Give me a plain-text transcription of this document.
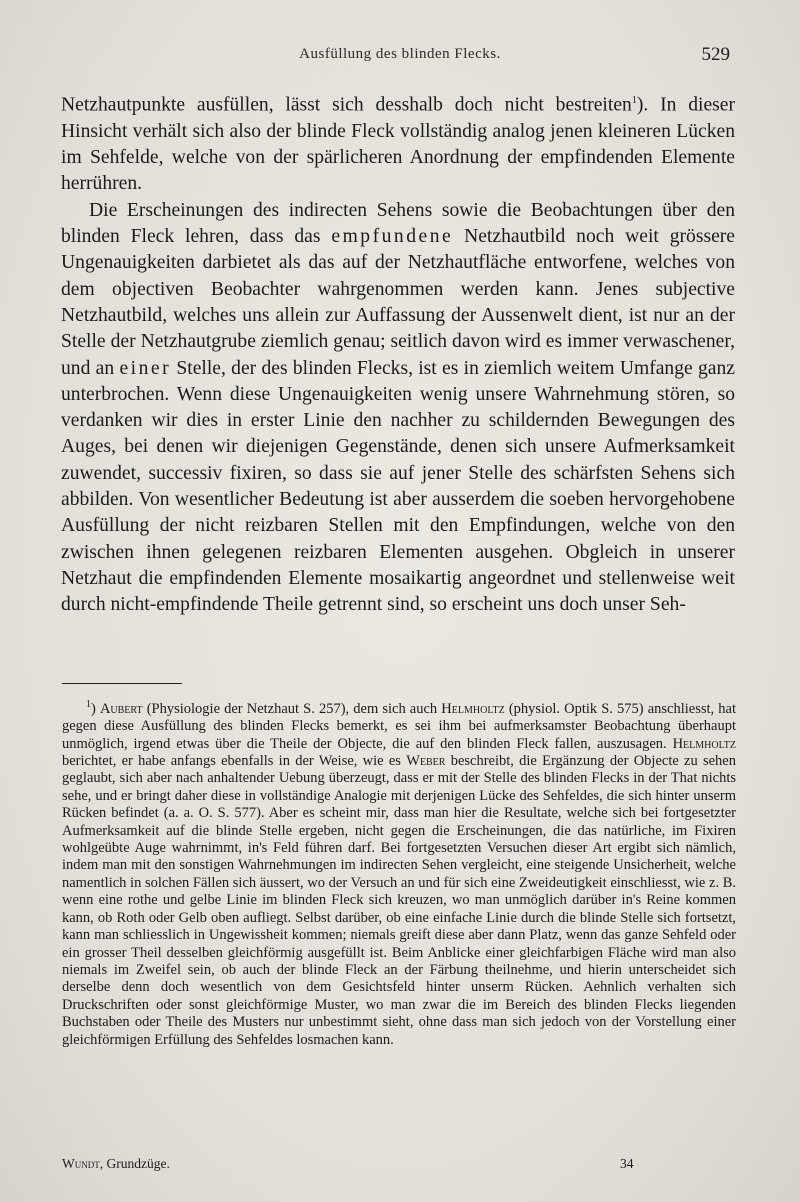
Ausfüllung des blinden Flecks.	529

Netzhautpunkte ausfüllen, lässt sich desshalb doch nicht bestreiten$^1$). In dieser Hinsicht verhält sich also der blinde Fleck vollständig analog jenen kleineren Lücken im Sehfelde, welche von der spärlicheren Anordnung der empfindenden Elemente herrühren.

Die Erscheinungen des indirecten Sehens sowie die Beobachtungen über den blinden Fleck lehren, dass das empfundene Netzhautbild noch weit grössere Ungenauigkeiten darbietet als das auf der Netzhautfläche entworfene, welches von dem objectiven Beobachter wahrgenommen werden kann. Jenes subjective Netzhautbild, welches uns allein zur Auffassung der Aussenwelt dient, ist nur an der Stelle der Netzhautgrube ziemlich genau; seitlich davon wird es immer verwaschener, und an einer Stelle, der des blinden Flecks, ist es in ziemlich weitem Umfange ganz unterbrochen. Wenn diese Ungenauigkeiten wenig unsere Wahrnehmung stören, so verdanken wir dies in erster Linie den nachher zu schildernden Bewegungen des Auges, bei denen wir diejenigen Gegenstände, denen sich unsere Aufmerksamkeit zuwendet, successiv fixiren, so dass sie auf jener Stelle des schärfsten Sehens sich abbilden. Von wesentlicher Bedeutung ist aber ausserdem die soeben hervorgehobene Ausfüllung der nicht reizbaren Stellen mit den Empfindungen, welche von den zwischen ihnen gelegenen reizbaren Elementen ausgehen. Obgleich in unserer Netzhaut die empfindenden Elemente mosaikartig angeordnet und stellenweise weit durch nicht-empfindende Theile getrennt sind, so erscheint uns doch unser Seh-

$^1$) Aubert (Physiologie der Netzhaut S. 257), dem sich auch Helmholtz (physiol. Optik S. 575) anschliesst, hat gegen diese Ausfüllung des blinden Flecks bemerkt, es sei ihm bei aufmerksamster Beobachtung überhaupt unmöglich, irgend etwas über die Theile der Objecte, die auf den blinden Fleck fallen, auszusagen. Helmholtz berichtet, er habe anfangs ebenfalls in der Weise, wie es Weber beschreibt, die Ergänzung der Objecte zu sehen geglaubt, sich aber nach anhaltender Uebung überzeugt, dass er mit der Stelle des blinden Flecks in der That nichts sehe, und er bringt daher diese in vollständige Analogie mit derjenigen Lücke des Sehfeldes, die sich hinter unserm Rücken befindet (a. a. O. S. 577). Aber es scheint mir, dass man hier die Resultate, welche sich bei fortgesetzter Aufmerksamkeit auf die blinde Stelle ergeben, nicht gegen die Erscheinungen, die das natürliche, im Fixiren wohlgeübte Auge wahrnimmt, in's Feld führen darf. Bei fortgesetzten Versuchen dieser Art ergibt sich nämlich, indem man mit den sonstigen Wahrnehmungen im indirecten Sehen vergleicht, eine steigende Unsicherheit, welche namentlich in solchen Fällen sich äussert, wo der Versuch an und für sich eine Zweideutigkeit einschliesst, wie z. B. wenn eine rothe und gelbe Linie im blinden Fleck sich kreuzen, wo man unmöglich darüber in's Reine kommen kann, ob Roth oder Gelb oben aufliegt. Selbst darüber, ob eine einfache Linie durch die blinde Stelle sich fortsetzt, kann man schliesslich in Ungewissheit kommen; niemals greift diese aber dann Platz, wenn das ganze Sehfeld oder ein grosser Theil desselben gleichförmig ausgefüllt ist. Beim Anblicke einer gleichfarbigen Fläche wird man also niemals im Zweifel sein, ob auch der blinde Fleck an der Färbung theilnehme, und hierin unterscheidet sich derselbe denn doch wesentlich von dem Gesichtsfeld hinter unserm Rücken. Aehnlich verhalten sich Druckschriften oder sonst gleichförmige Muster, wo man zwar die im Bereich des blinden Flecks liegenden Buchstaben oder Theile des Musters nur unbestimmt sieht, ohne dass man sich jedoch von der Vorstellung einer gleichförmigen Erfüllung des Sehfeldes losmachen kann.

Wundt, Grundzüge.	34
